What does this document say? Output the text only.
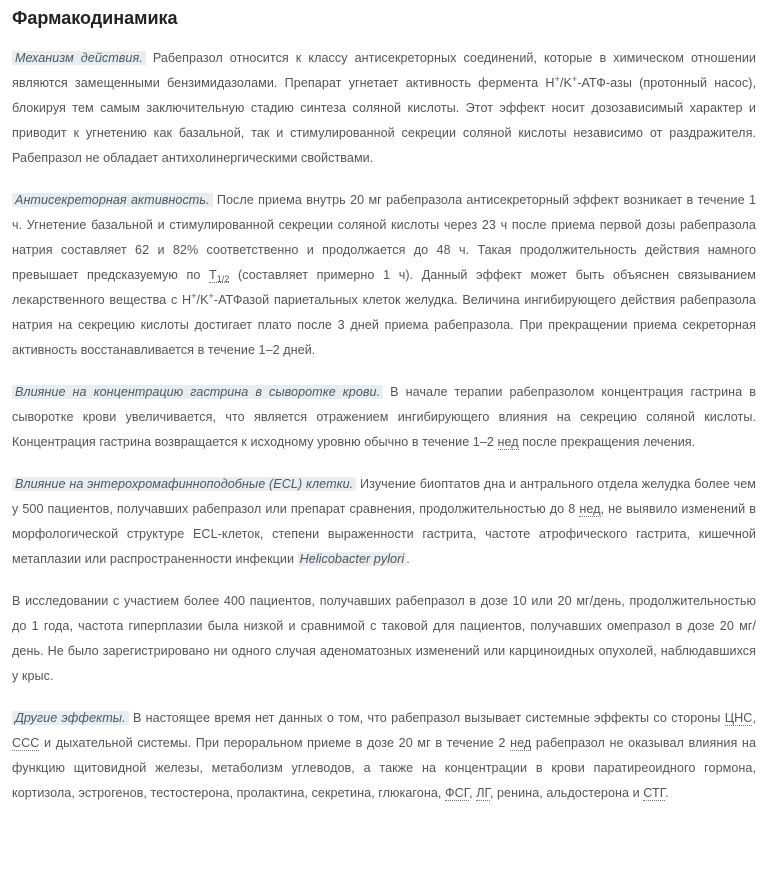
Фармакодинамика

Механизм действия. Рабепразол относится к классу антисекреторных соединений, которые в химическом отношении являются замещенными бензимидазолами. Препарат угнетает активность фермента H+/K+-АТФ-азы (протонный насос), блокируя тем самым заключительную стадию синтеза соляной кислоты. Этот эффект носит дозозависимый характер и приводит к угнетению как базальной, так и стимулированной секреции соляной кислоты независимо от раздражителя. Рабепразол не обладает антихолинергическими свойствами.

Антисекреторная активность. После приема внутрь 20 мг рабепразола антисекреторный эффект возникает в течение 1 ч. Угнетение базальной и стимулированной секреции соляной кислоты через 23 ч после приема первой дозы рабепразола натрия составляет 62 и 82% соответственно и продолжается до 48 ч. Такая продолжительность действия намного превышает предсказуемую по $T_{1/2}$ (составляет примерно 1 ч). Данный эффект может быть объяснен связыванием лекарственного вещества с H+/K+-АТФазой париетальных клеток желудка. Величина ингибирующего действия рабепразола натрия на секрецию кислоты достигает плато после 3 дней приема рабепразола. При прекращении приема секреторная активность восстанавливается в течение 1–2 дней.

Влияние на концентрацию гастрина в сыворотке крови. В начале терапии рабепразолом концентрация гастрина в сыворотке крови увеличивается, что является отражением ингибирующего влияния на секрецию соляной кислоты. Концентрация гастрина возвращается к исходному уровню обычно в течение 1–2 нед после прекращения лечения.

Влияние на энтерохромафинноподобные (ECL) клетки. Изучение биоптатов дна и антрального отдела желудка более чем у 500 пациентов, получавших рабепразол или препарат сравнения, продолжительностью до 8 нед, не выявило изменений в морфологической структуре ECL-клеток, степени выраженности гастрита, частоте атрофического гастрита, кишечной метаплазии или распространенности инфекции Helicobacter pylori .

В исследовании с участием более 400 пациентов, получавших рабепразол в дозе 10 или 20 мг/день, продолжительностью до 1 года, частота гиперплазии была низкой и сравнимой с таковой для пациентов, получавших омепразол в дозе 20 мг/день. Не было зарегистрировано ни одного случая аденоматозных изменений или карциноидных опухолей, наблюдавшихся у крыс.

Другие эффекты. В настоящее время нет данных о том, что рабепразол вызывает системные эффекты со стороны ЦНС, ССС и дыхательной системы. При пероральном приеме в дозе 20 мг в течение 2 нед рабепразол не оказывал влияния на функцию щитовидной железы, метаболизм углеводов, а также на концентрации в крови паратиреоидного гормона, кортизола, эстрогенов, тестостерона, пролактина, секретина, глюкагона, ФСГ, ЛГ, ренина, альдостерона и СТГ.
